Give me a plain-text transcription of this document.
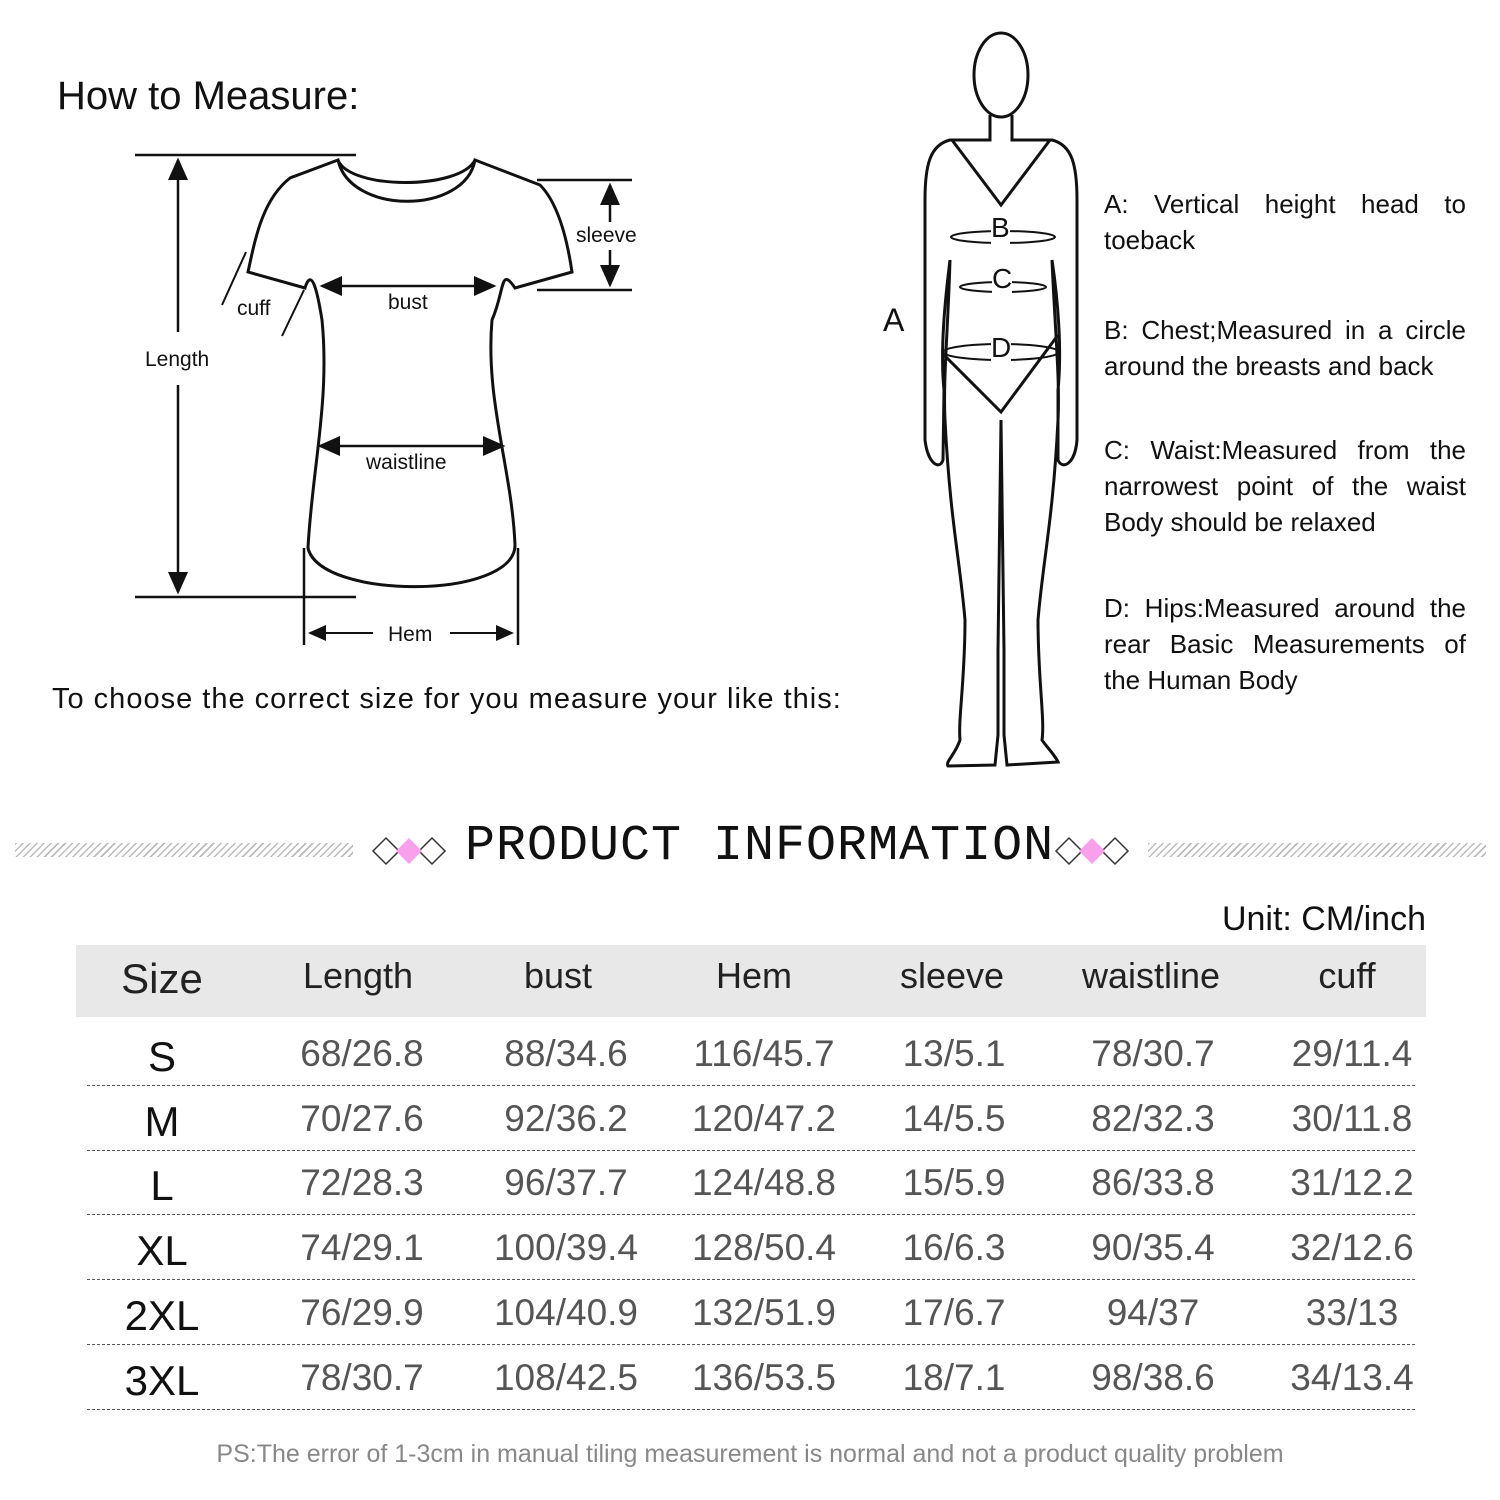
How to Measure:
Length
sleeve
cuff	bust
waistline
Hem
A
B
C
D
A: Vertical height head to toeback
B: Chest;Measured in a circle around the breasts and back
C: Waist:Measured from the narrowest point of the waist Body should be relaxed
D: Hips:Measured around the rear Basic Measurements of the Human Body
To choose the correct size for you measure your like this:
PRODUCT INFORMATION
Unit: CM/inch
Size	Length	bust	Hem	sleeve	waistline	cuff
S	68/26.8	88/34.6	116/45.7	13/5.1	78/30.7	29/11.4
M	70/27.6	92/36.2	120/47.2	14/5.5	82/32.3	30/11.8
L	72/28.3	96/37.7	124/48.8	15/5.9	86/33.8	31/12.2
XL	74/29.1	100/39.4	128/50.4	16/6.3	90/35.4	32/12.6
2XL	76/29.9	104/40.9	132/51.9	17/6.7	94/37	33/13
3XL	78/30.7	108/42.5	136/53.5	18/7.1	98/38.6	34/13.4
PS:The error of 1-3cm in manual tiling measurement is normal and not a product quality problem
